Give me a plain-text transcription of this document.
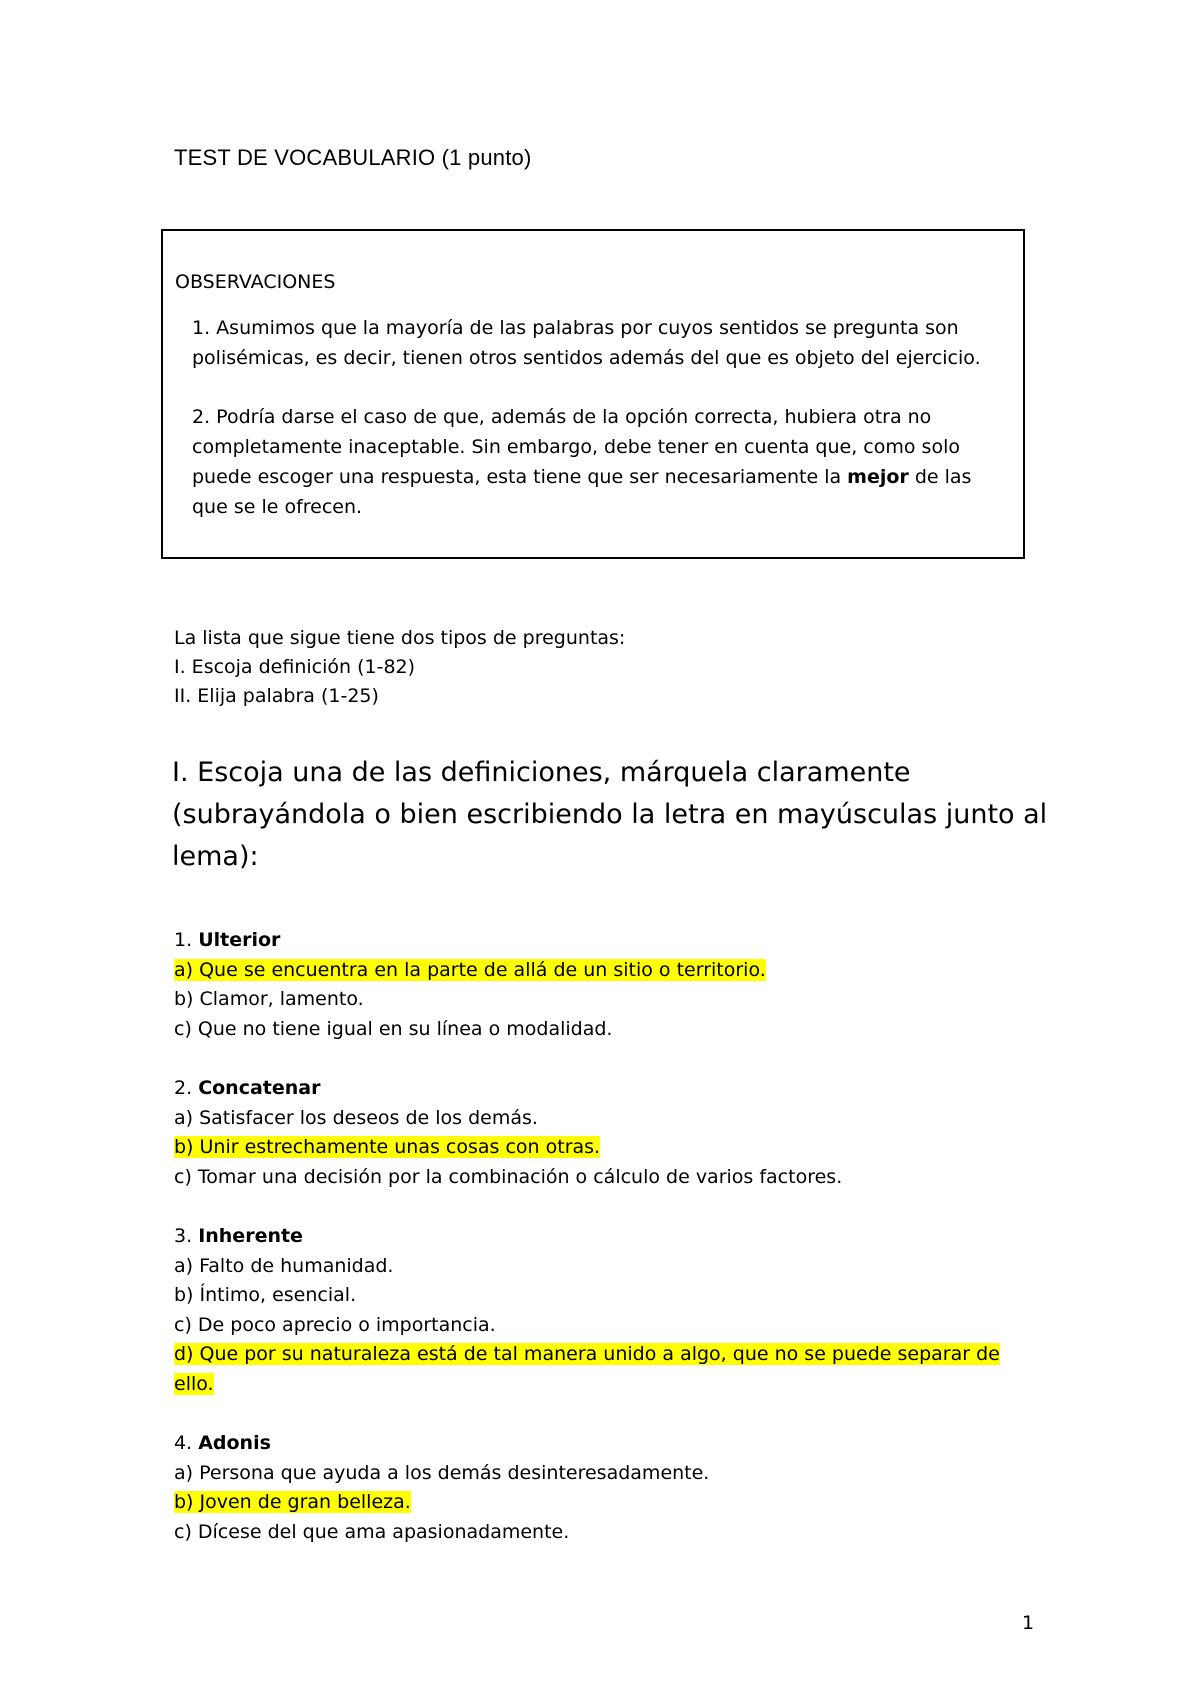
TEST DE VOCABULARIO (1 punto)
OBSERVACIONES
1. Asumimos que la mayoría de las palabras por cuyos sentidos se pregunta son polisémicas, es decir, tienen otros sentidos además del que es objeto del ejercicio.
2. Podría darse el caso de que, además de la opción correcta, hubiera otra no completamente inaceptable. Sin embargo, debe tener en cuenta que, como solo puede escoger una respuesta, esta tiene que ser necesariamente la mejor de las que se le ofrecen.
La lista que sigue tiene dos tipos de preguntas:
I. Escoja definición (1-82)
II. Elija palabra (1-25)
I. Escoja una de las definiciones, márquela claramente (subrayándola o bien escribiendo la letra en mayúsculas junto al lema):
1. Ulterior
a) Que se encuentra en la parte de allá de un sitio o territorio.
b) Clamor, lamento.
c) Que no tiene igual en su línea o modalidad.
2. Concatenar
a) Satisfacer los deseos de los demás.
b) Unir estrechamente unas cosas con otras.
c) Tomar una decisión por la combinación o cálculo de varios factores.
3. Inherente
a) Falto de humanidad.
b) Íntimo, esencial.
c) De poco aprecio o importancia.
d) Que por su naturaleza está de tal manera unido a algo, que no se puede separar de ello.
4. Adonis
a) Persona que ayuda a los demás desinteresadamente.
b) Joven de gran belleza.
c) Dícese del que ama apasionadamente.
1
